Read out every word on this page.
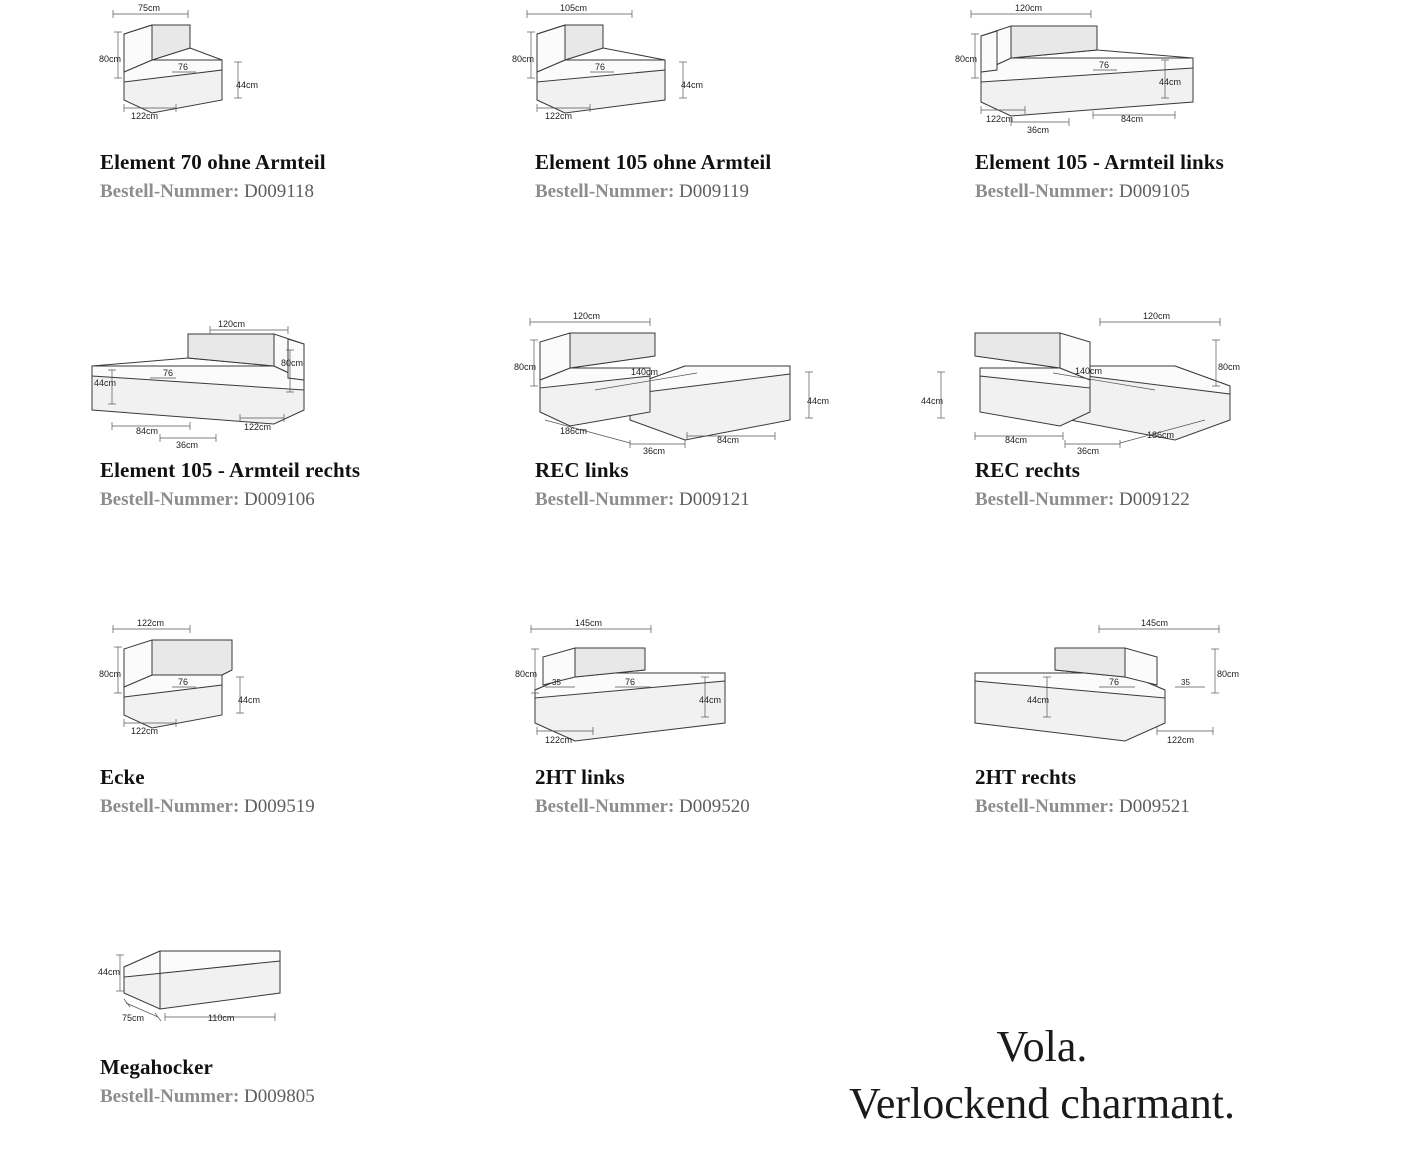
75cm
80cm
76
44cm
122cm

Element 70 ohne Armteil

Bestell-Nummer: D009118

105cm
80cm
76
44cm
122cm

Element 105 ohne Armteil

Bestell-Nummer: D009119

120cm
80cm
76
44cm
122cm
36cm
84cm

Element 105 - Armteil links

Bestell-Nummer: D009105

120cm
80cm
76
44cm
122cm
36cm
84cm

Element 105 - Armteil rechts

Bestell-Nummer: D009106

120cm
80cm	140cm
44cm
186cm
36cm
84cm

REC links

Bestell-Nummer: D009121

120cm
80cm
140cm
44cm
186cm
36cm
84cm

REC rechts

Bestell-Nummer: D009122

122cm
80cm
76
44cm
122cm

Ecke

Bestell-Nummer: D009519

145cm
80cm
35	76
44cm
122cm

2HT links

Bestell-Nummer: D009520

145cm
80cm
35
76
44cm
122cm

2HT rechts

Bestell-Nummer: D009521

44cm
75cm	110cm

Megahocker

Bestell-Nummer: D009805

Vola.
Verlockend charmant.
